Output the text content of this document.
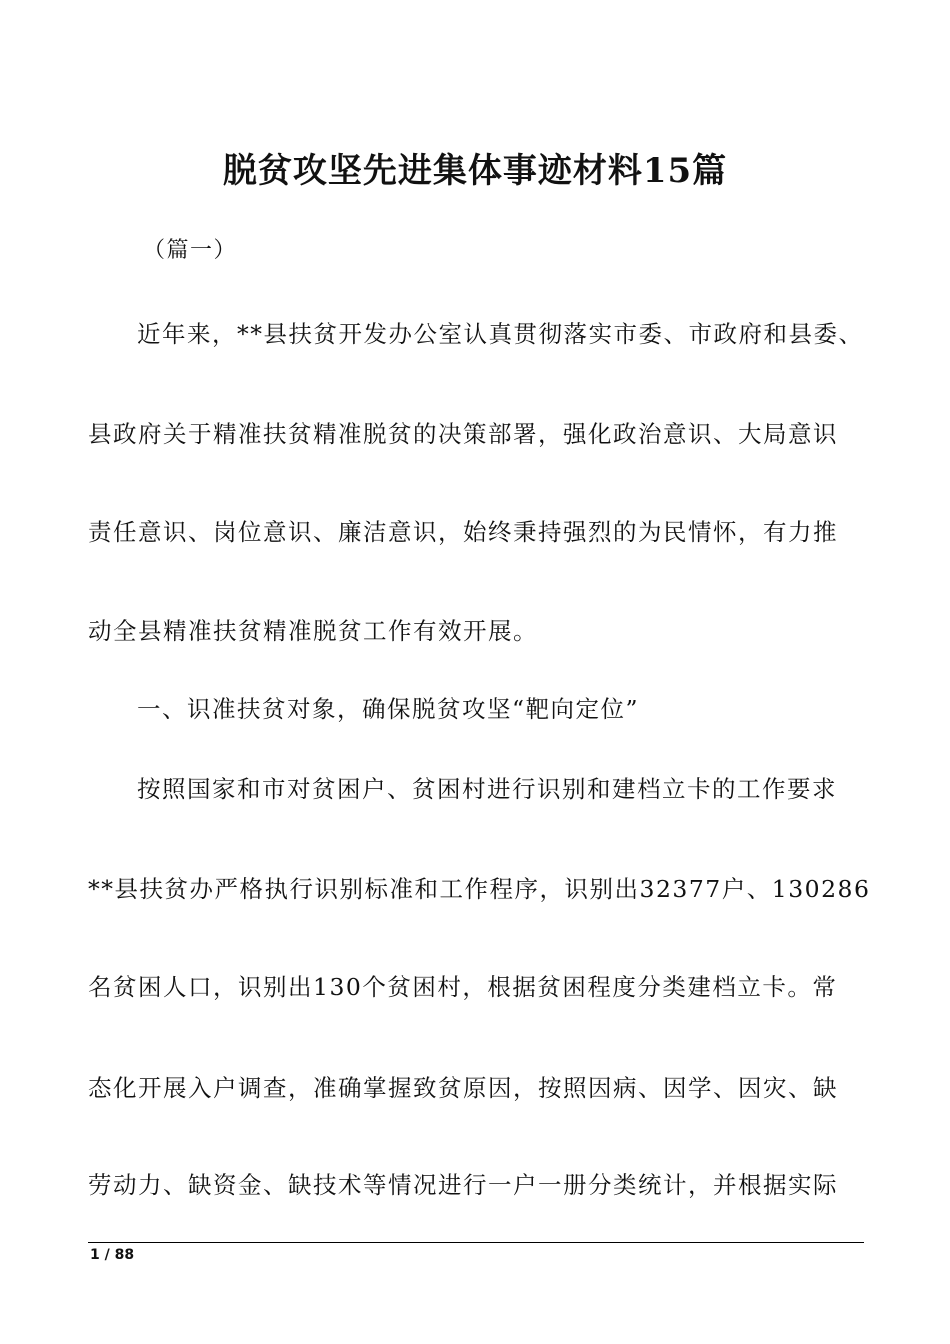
脱贫攻坚先进集体事迹材料15篇
（篇一）
近年来，**县扶贫开发办公室认真贯彻落实市委、市政府和县委、
县政府关于精准扶贫精准脱贫的决策部署，强化政治意识、大局意识
责任意识、岗位意识、廉洁意识，始终秉持强烈的为民情怀，有力推
动全县精准扶贫精准脱贫工作有效开展。
一、识准扶贫对象，确保脱贫攻坚“靶向定位”
按照国家和市对贫困户、贫困村进行识别和建档立卡的工作要求
**县扶贫办严格执行识别标准和工作程序，识别出32377户、130286
名贫困人口，识别出130个贫困村，根据贫困程度分类建档立卡。常
态化开展入户调查，准确掌握致贫原因，按照因病、因学、因灾、缺
劳动力、缺资金、缺技术等情况进行一户一册分类统计，并根据实际
1 / 88
